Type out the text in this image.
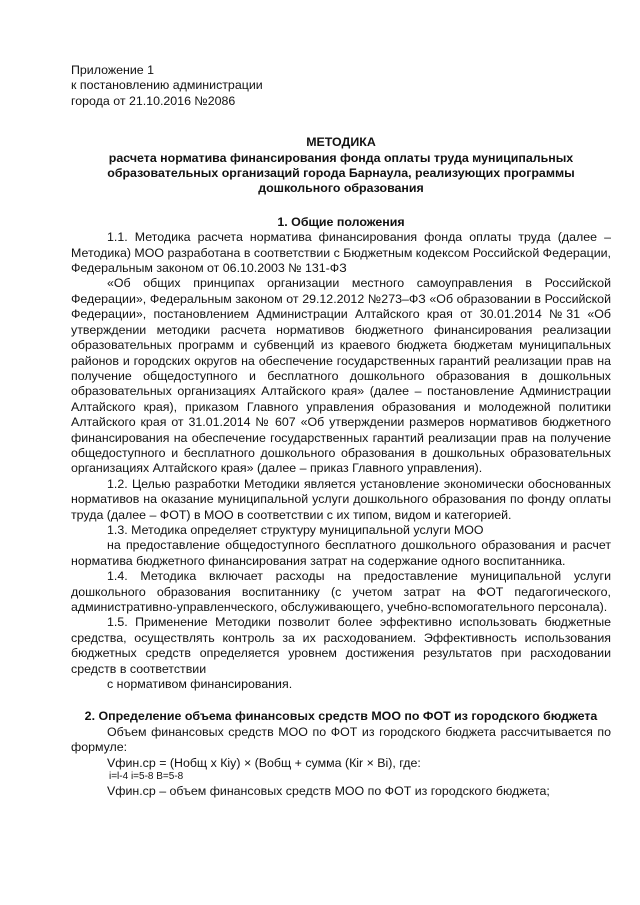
Приложение 1
к постановлению администрации
города от 21.10.2016 №2086
МЕТОДИКА
расчета норматива финансирования фонда оплаты труда муниципальных образовательных организаций города Барнаула, реализующих программы дошкольного образования
1. Общие положения

1.1. Методика расчета норматива финансирования фонда оплаты труда (далее – Методика) МОО разработана в соответствии с Бюджетным кодексом Российской Федерации, Федеральным законом от 06.10.2003 № 131-ФЗ

«Об общих принципах организации местного самоуправления в Российской Федерации», Федеральным законом от 29.12.2012 №273–ФЗ «Об образовании в Российской Федерации», постановлением Администрации Алтайского края от 30.01.2014 №31 «Об утверждении методики расчета нормативов бюджетного финансирования реализации образовательных программ и субвенций из краевого бюджета бюджетам муниципальных районов и городских округов на обеспечение государственных гарантий реализации прав на получение общедоступного и бесплатного дошкольного образования в дошкольных образовательных организациях Алтайского края» (далее – постановление Администрации Алтайского края), приказом Главного управления образования и молодежной политики Алтайского края от 31.01.2014 № 607 «Об утверждении размеров нормативов бюджетного финансирования на обеспечение государственных гарантий реализации прав на получение общедоступного и бесплатного дошкольного образования в дошкольных образовательных организациях Алтайского края» (далее – приказ Главного управления).

1.2. Целью разработки Методики является установление экономически обоснованных нормативов на оказание муниципальной услуги дошкольного образования по фонду оплаты труда (далее – ФОТ) в МОО в соответствии с их типом, видом и категорией.

1.3. Методика определяет структуру муниципальной услуги МОО

на предоставление общедоступного бесплатного дошкольного образования и расчет норматива бюджетного финансирования затрат на содержание одного воспитанника.

1.4. Методика включает расходы на предоставление муниципальной услуги дошкольного образования воспитаннику (с учетом затрат на ФОТ педагогического, административно-управленческого, обслуживающего, учебно-вспомогательного персонала).

1.5. Применение Методики позволит более эффективно использовать бюджетные средства, осуществлять контроль за их расходованием. Эффективность использования бюджетных средств определяется уровнем достижения результатов при расходовании средств в соответствии

с нормативом финансирования.

2. Определение объема финансовых средств МОО по ФОТ из городского бюджета

Объем финансовых средств МОО по ФОТ из городского бюджета рассчитывается по формуле:

Vфин.ср = (Нобщ x Кiy) × (Вобщ + сумма (Кir × Вi), где:

i=l-4 i=5-8 В=5-8

Vфин.ср – объем финансовых средств МОО по ФОТ из городского бюджета;
